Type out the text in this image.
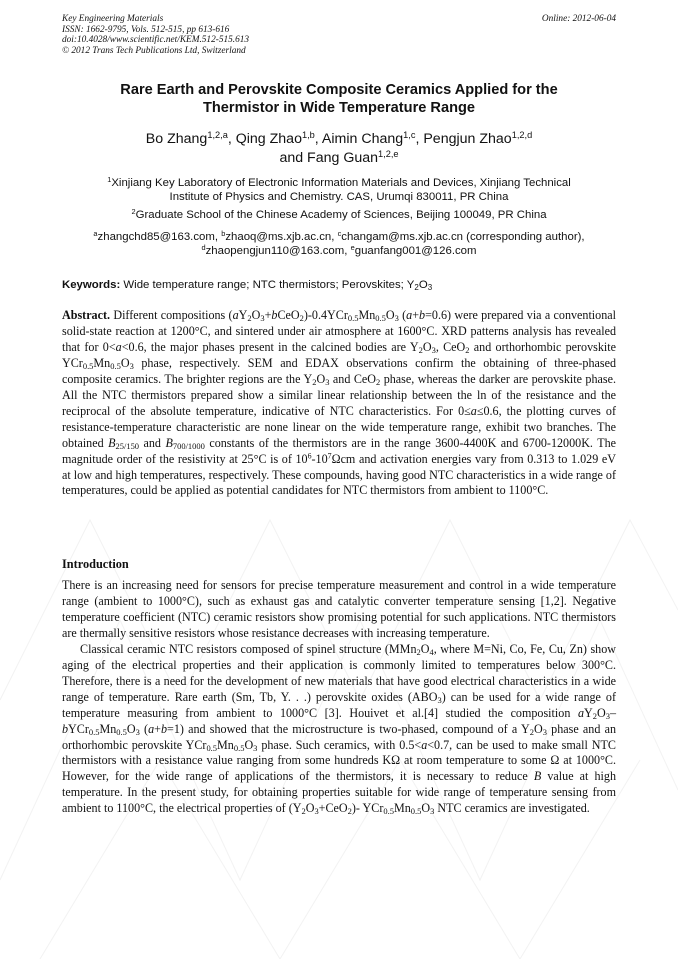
Key Engineering Materials
ISSN: 1662-9795, Vols. 512-515, pp 613-616
doi:10.4028/www.scientific.net/KEM.512-515.613
© 2012 Trans Tech Publications Ltd, Switzerland
Online: 2012-06-04
Rare Earth and Perovskite Composite Ceramics Applied for the
Thermistor in Wide Temperature Range
Bo Zhang$^{1,2,a}$, Qing Zhao$^{1,b}$, Aimin Chang$^{1,c}$, Pengjun Zhao$^{1,2,d}$
and Fang Guan$^{1,2,e}$
$^1$Xinjiang Key Laboratory of Electronic Information Materials and Devices, Xinjiang Technical
Institute of Physics and Chemistry. CAS, Urumqi 830011, PR China
$^2$Graduate School of the Chinese Academy of Sciences, Beijing 100049, PR China
$^a$zhangchd85@163.com, $^b$zhaoq@ms.xjb.ac.cn, $^c$changam@ms.xjb.ac.cn (corresponding author),
$^d$zhaopengjun110@163.com, $^e$guanfang001@126.com
Keywords: Wide temperature range; NTC thermistors; Perovskites; $Y_2O_3$
Abstract. Different compositions $(aY_2O_3+bCeO_2)-0.4YCr_{0.5}Mn_{0.5}O_3$ (a+b=0.6) were prepared via a conventional solid-state reaction at 1200°C, and sintered under air atmosphere at 1600°C. XRD patterns analysis has revealed that for 0<a<0.6, the major phases present in the calcined bodies are $Y_2O_3$, CeO$_2$ and orthorhombic perovskite $YCr_{0.5}Mn_{0.5}O_3$ phase, respectively. SEM and EDAX observations confirm the obtaining of three-phased composite ceramics. The brighter regions are the $Y_2O_3$ and CeO$_2$ phase, whereas the darker are perovskite phase. All the NTC thermistors prepared show a similar linear relationship between the ln of the resistance and the reciprocal of the absolute temperature, indicative of NTC characteristics. For 0≤a≤0.6, the plotting curves of resistance-temperature characteristic are none linear on the wide temperature range, exhibit two branches. The obtained $B_{25/150}$ and $B_{700/1000}$ constants of the thermistors are in the range 3600-4400K and 6700-12000K. The magnitude order of the resistivity at 25°C is of $10^6-10^7\Omega cm$ and activation energies vary from 0.313 to 1.029 eV at low and high temperatures, respectively. These compounds, having good NTC characteristics in a wide range of temperatures, could be applied as potential candidates for NTC thermistors from ambient to 1100°C.
Introduction

There is an increasing need for sensors for precise temperature measurement and control in a wide temperature range (ambient to 1000°C), such as exhaust gas and catalytic converter temperature sensing [1,2]. Negative temperature coefficient (NTC) ceramic resistors show promising potential for such applications. NTC thermistors are thermally sensitive resistors whose resistance decreases with increasing temperature.

Classical ceramic NTC resistors composed of spinel structure ($MMn_2O_4$, where M=Ni, Co, Fe, Cu, Zn) show aging of the electrical properties and their application is commonly limited to temperatures below 300°C. Therefore, there is a need for the development of new materials that have good electrical characteristics in a wide range of temperature. Rare earth (Sm, Tb, Y. . .) perovskite oxides $(ABO_3)$ can be used for a wide range of temperature measuring from ambient to 1000°C [3]. Houivet et al.[4] studied the composition $aY_2O_3-bYCr_{0.5}Mn_{0.5}O_3$ (a+b=1) and showed that the microstructure is two-phased, compound of a $Y_2O_3$ phase and an orthorhombic perovskite $YCr_{0.5}Mn_{0.5}O_3$ phase. Such ceramics, with 0.5<a<0.7, can be used to make small NTC thermistors with a resistance value ranging from some hundreds KΩ at room temperature to some Ω at 1000°C. However, for the wide range of applications of the thermistors, it is necessary to reduce B value at high temperature. In the present study, for obtaining properties suitable for wide range of temperature sensing from ambient to 1100°C, the electrical properties of $(Y_2O_3+CeO_2)-$ $YCr_{0.5}Mn_{0.5}O_3$ NTC ceramics are investigated.
